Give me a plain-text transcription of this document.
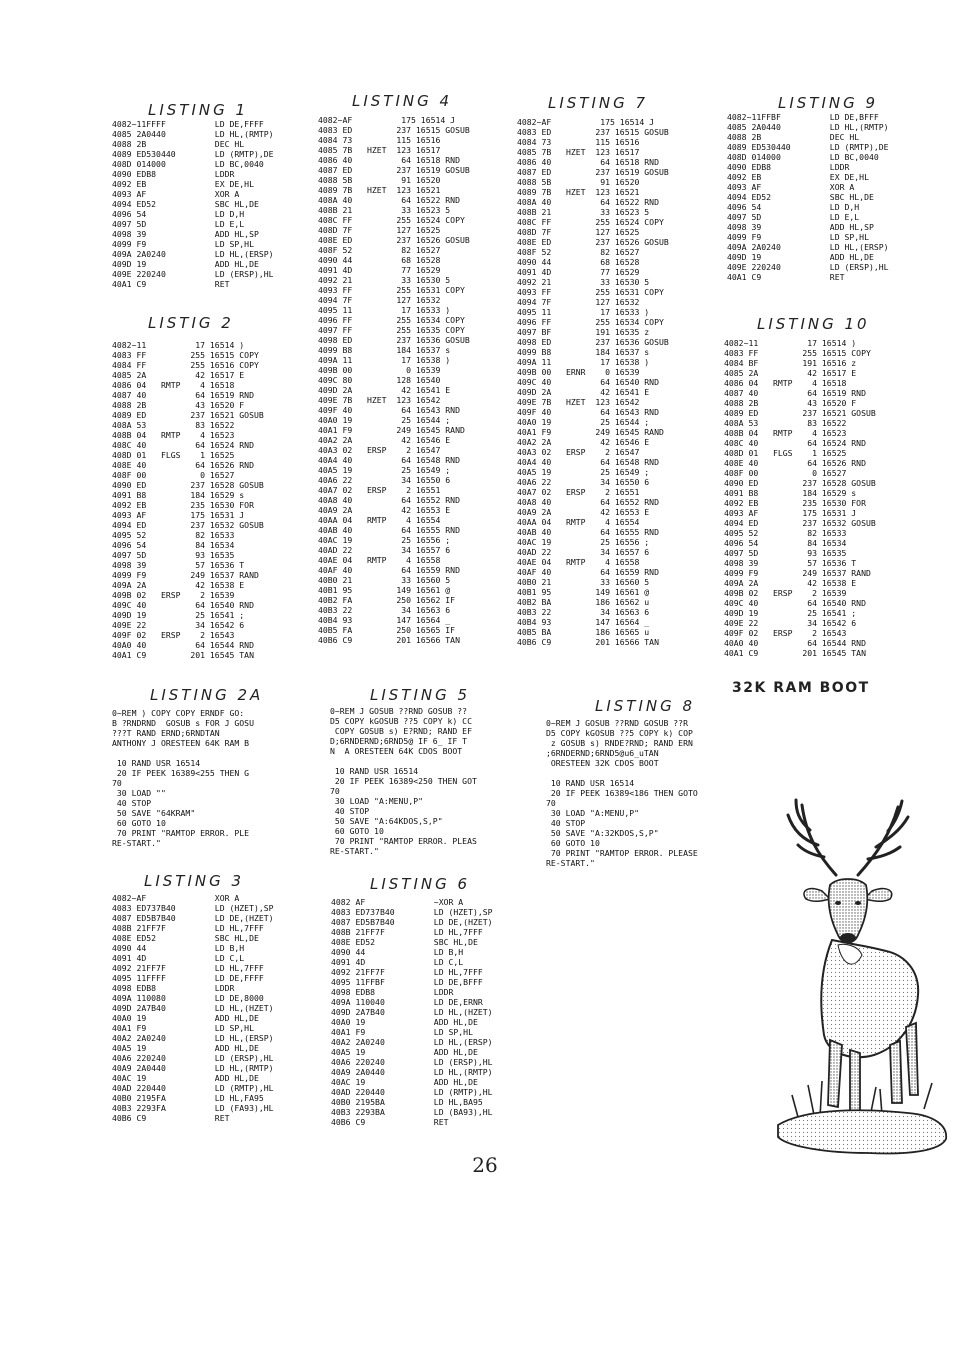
LISTING 1
4082~11FFFF          LD DE,FFFF
4085 2A0440          LD HL,(RMTP)
4088 2B              DEC HL
4089 ED530440        LD (RMTP),DE
408D 014000          LD BC,0040
4090 EDB8            LDDR
4092 EB              EX DE,HL
4093 AF              XOR A
4094 ED52            SBC HL,DE
4096 54              LD D,H
4097 5D              LD E,L
4098 39              ADD HL,SP
4099 F9              LD SP,HL
409A 2A0240          LD HL,(ERSP)
409D 19              ADD HL,DE
409E 220240          LD (ERSP),HL
40A1 C9              RET
LISTIG 2
4082~11          17 16514 )
4083 FF         255 16515 COPY
4084 FF         255 16516 COPY
4085 2A          42 16517 E
4086 04   RMTP    4 16518
4087 40          64 16519 RND
4088 2B          43 16520 F
4089 ED         237 16521 GOSUB
408A 53          83 16522
408B 04   RMTP    4 16523
408C 40          64 16524 RND
408D 01   FLGS    1 16525
408E 40          64 16526 RND
408F 00           0 16527
4090 ED         237 16528 GOSUB
4091 B8         184 16529 s
4092 EB         235 16530 FOR
4093 AF         175 16531 J
4094 ED         237 16532 GOSUB
4095 52          82 16533
4096 54          84 16534
4097 5D          93 16535
4098 39          57 16536 T
4099 F9         249 16537 RAND
409A 2A          42 16538 E
409B 02   ERSP    2 16539
409C 40          64 16540 RND
409D 19          25 16541 ;
409E 22          34 16542 6
409F 02   ERSP    2 16543
40A0 40          64 16544 RND
40A1 C9         201 16545 TAN
LISTING 2A
0~REM ) COPY COPY ERNDF GO:
B ?RNDRND  GOSUB s FOR J GOSU
???T RAND ERND;6RNDTAN
ANTHONY J ORESTEEN 64K RAM B

10 RAND USR 16514
20 IF PEEK 16389<255 THEN G
70
30 LOAD ""
40 STOP
50 SAVE "64KRAM"
60 GOTO 10
70 PRINT "RAMTOP ERROR. PLE
RE-START."
LISTING 3
4082~AF              XOR A
4083 ED737B40        LD (HZET),SP
4087 ED5B7B40        LD DE,(HZET)
408B 21FF7F          LD HL,7FFF
408E ED52            SBC HL,DE
4090 44              LD B,H
4091 4D              LD C,L
4092 21FF7F          LD HL,7FFF
4095 11FFFF          LD DE,FFFF
4098 EDB8            LDDR
409A 110080          LD DE,8000
409D 2A7B40          LD HL,(HZET)
40A0 19              ADD HL,DE
40A1 F9              LD SP,HL
40A2 2A0240          LD HL,(ERSP)
40A5 19              ADD HL,DE
40A6 220240          LD (ERSP),HL
40A9 2A0440          LD HL,(RMTP)
40AC 19              ADD HL,DE
40AD 220440          LD (RMTP),HL
40B0 2195FA          LD HL,FA95
40B3 2293FA          LD (FA93),HL
40B6 C9              RET
LISTING 4
4082~AF          175 16514 J
4083 ED         237 16515 GOSUB
4084 73         115 16516
4085 7B   HZET  123 16517
4086 40          64 16518 RND
4087 ED         237 16519 GOSUB
4088 5B          91 16520
4089 7B   HZET  123 16521
408A 40          64 16522 RND
408B 21          33 16523 5
408C FF         255 16524 COPY
408D 7F         127 16525
408E ED         237 16526 GOSUB
408F 52          82 16527
4090 44          68 16528
4091 4D          77 16529
4092 21          33 16530 5
4093 FF         255 16531 COPY
4094 7F         127 16532
4095 11          17 16533 )
4096 FF         255 16534 COPY
4097 FF         255 16535 COPY
4098 ED         237 16536 GOSUB
4099 B8         184 16537 s
409A 11          17 16538 )
409B 00           0 16539
409C 80         128 16540
409D 2A          42 16541 E
409E 7B   HZET  123 16542
409F 40          64 16543 RND
40A0 19          25 16544 ;
40A1 F9         249 16545 RAND
40A2 2A          42 16546 E
40A3 02   ERSP    2 16547
40A4 40          64 16548 RND
40A5 19          25 16549 ;
40A6 22          34 16550 6
40A7 02   ERSP    2 16551
40A8 40          64 16552 RND
40A9 2A          42 16553 E
40AA 04   RMTP    4 16554
40AB 40          64 16555 RND
40AC 19          25 16556 ;
40AD 22          34 16557 6
40AE 04   RMTP    4 16558
40AF 40          64 16559 RND
40B0 21          33 16560 5
40B1 95         149 16561 @
40B2 FA         250 16562 IF
40B3 22          34 16563 6
40B4 93         147 16564 _
40B5 FA         250 16565 IF
40B6 C9         201 16566 TAN
LISTING 5
0~REM J GOSUB ??RND GOSUB ??
D5 COPY kGOSUB ??5 COPY k) CC
COPY GOSUB s) E?RND; RAND EF
D;6RNDERND;6RND5@ IF 6_ IF T
N  A ORESTEEN 64K CDOS BOOT

10 RAND USR 16514
20 IF PEEK 16389<250 THEN GOT
70
30 LOAD "A:MENU,P"
40 STOP
50 SAVE "A:64KDOS,S,P"
60 GOTO 10
70 PRINT "RAMTOP ERROR. PLEAS
RE-START."
LISTING 6
4082 AF              ~XOR A
4083 ED737B40        LD (HZET),SP
4087 ED5B7B40        LD DE,(HZET)
408B 21FF7F          LD HL,7FFF
408E ED52            SBC HL,DE
4090 44              LD B,H
4091 4D              LD C,L
4092 21FF7F          LD HL,7FFF
4095 11FFBF          LD DE,BFFF
4098 EDB8            LDDR
409A 110040          LD DE,ERNR
409D 2A7B40          LD HL,(HZET)
40A0 19              ADD HL,DE
40A1 F9              LD SP,HL
40A2 2A0240          LD HL,(ERSP)
40A5 19              ADD HL,DE
40A6 220240          LD (ERSP),HL
40A9 2A0440          LD HL,(RMTP)
40AC 19              ADD HL,DE
40AD 220440          LD (RMTP),HL
40B0 2195BA          LD HL,BA95
40B3 2293BA          LD (BA93),HL
40B6 C9              RET
LISTING 7
4082~AF          175 16514 J
4083 ED         237 16515 GOSUB
4084 73         115 16516
4085 7B   HZET  123 16517
4086 40          64 16518 RND
4087 ED         237 16519 GOSUB
4088 5B          91 16520
4089 7B   HZET  123 16521
408A 40          64 16522 RND
408B 21          33 16523 5
408C FF         255 16524 COPY
408D 7F         127 16525
408E ED         237 16526 GOSUB
408F 52          82 16527
4090 44          68 16528
4091 4D          77 16529
4092 21          33 16530 5
4093 FF         255 16531 COPY
4094 7F         127 16532
4095 11          17 16533 )
4096 FF         255 16534 COPY
4097 BF         191 16535 z
4098 ED         237 16536 GOSUB
4099 B8         184 16537 s
409A 11          17 16538 )
409B 00   ERNR    0 16539
409C 40          64 16540 RND
409D 2A          42 16541 E
409E 7B   HZET  123 16542
409F 40          64 16543 RND
40A0 19          25 16544 ;
40A1 F9         249 16545 RAND
40A2 2A          42 16546 E
40A3 02   ERSP    2 16547
40A4 40          64 16548 RND
40A5 19          25 16549 ;
40A6 22          34 16550 6
40A7 02   ERSP    2 16551
40A8 40          64 16552 RND
40A9 2A          42 16553 E
40AA 04   RMTP    4 16554
40AB 40          64 16555 RND
40AC 19          25 16556 ;
40AD 22          34 16557 6
40AE 04   RMTP    4 16558
40AF 40          64 16559 RND
40B0 21          33 16560 5
40B1 95         149 16561 @
40B2 BA         186 16562 u
40B3 22          34 16563 6
40B4 93         147 16564 _
40B5 BA         186 16565 u
40B6 C9         201 16566 TAN
LISTING 8
0~REM J GOSUB ??RND GOSUB ??R
D5 COPY kGOSUB ??5 COPY k) COP
z GOSUB s) RNDE?RND; RAND ERN
;6RNDERND;6RND5@u6_uTAN
ORESTEEN 32K CDOS BOOT

10 RAND USR 16514
20 IF PEEK 16389<186 THEN GOTO
70
30 LOAD "A:MENU,P"
40 STOP
50 SAVE "A:32KDOS,S,P"
60 GOTO 10
70 PRINT "RAMTOP ERROR. PLEASE
RE-START."
LISTING 9
4082~11FFBF          LD DE,BFFF
4085 2A0440          LD HL,(RMTP)
4088 2B              DEC HL
4089 ED530440        LD (RMTP),DE
408D 014000          LD BC,0040
4090 EDB8            LDDR
4092 EB              EX DE,HL
4093 AF              XOR A
4094 ED52            SBC HL,DE
4096 54              LD D,H
4097 5D              LD E,L
4098 39              ADD HL,SP
4099 F9              LD SP,HL
409A 2A0240          LD HL,(ERSP)
409D 19              ADD HL,DE
409E 220240          LD (ERSP),HL
40A1 C9              RET
LISTING 10
4082~11          17 16514 )
4083 FF         255 16515 COPY
4084 BF         191 16516 z
4085 2A          42 16517 E
4086 04   RMTP    4 16518
4087 40          64 16519 RND
4088 2B          43 16520 F
4089 ED         237 16521 GOSUB
408A 53          83 16522
408B 04   RMTP    4 16523
408C 40          64 16524 RND
408D 01   FLGS    1 16525
408E 40          64 16526 RND
408F 00           0 16527
4090 ED         237 16528 GOSUB
4091 B8         184 16529 s
4092 EB         235 16530 FOR
4093 AF         175 16531 J
4094 ED         237 16532 GOSUB
4095 52          82 16533
4096 54          84 16534
4097 5D          93 16535
4098 39          57 16536 T
4099 F9         249 16537 RAND
409A 2A          42 16538 E
409B 02   ERSP    2 16539
409C 40          64 16540 RND
409D 19          25 16541 ;
409E 22          34 16542 6
409F 02   ERSP    2 16543
40A0 40          64 16544 RND
40A1 C9         201 16545 TAN
32K RAM BOOT
26
